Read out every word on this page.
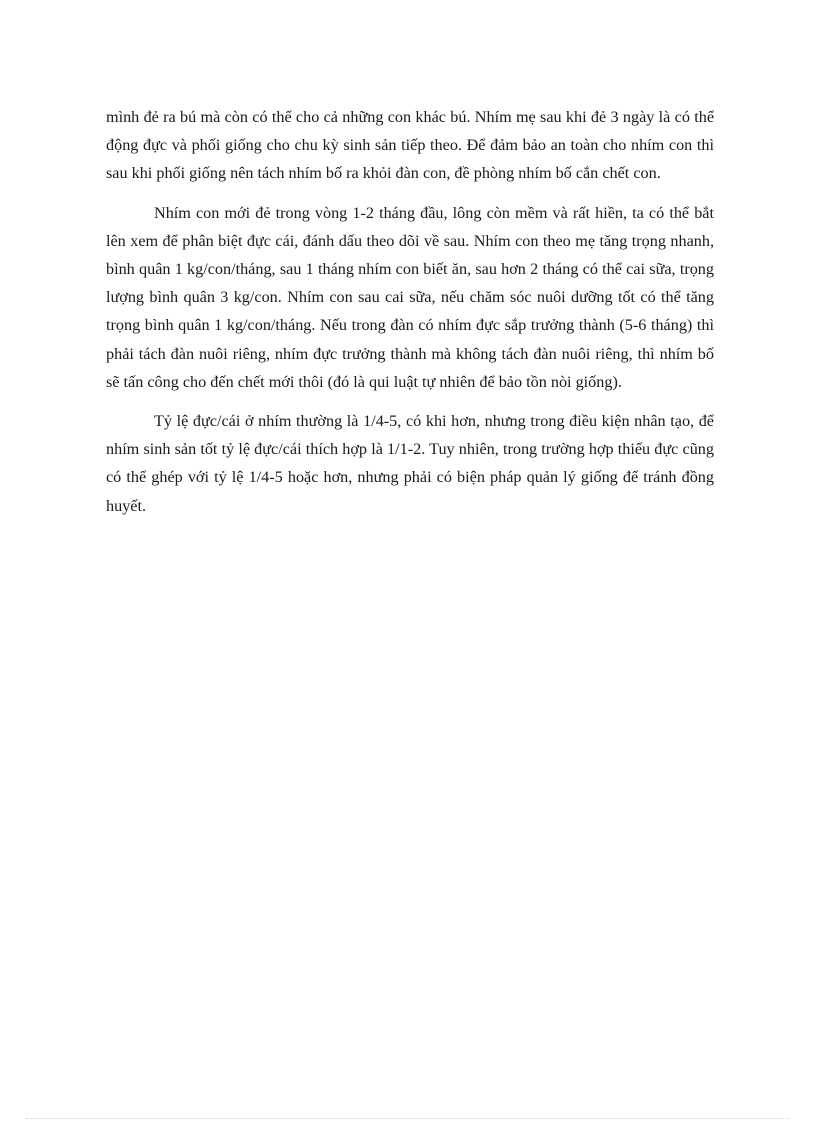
mình đẻ ra bú mà còn có thể cho cả những con khác bú. Nhím mẹ sau khi đẻ 3 ngày là có thể động đực và phối giống cho chu kỳ sinh sản tiếp theo. Để đảm bảo an toàn cho nhím con thì sau khi phối giống nên tách nhím bố ra khỏi đàn con, đề phòng nhím bố cắn chết con.

Nhím con mới đẻ trong vòng 1-2 tháng đầu, lông còn mềm và rất hiền, ta có thể bắt lên xem để phân biệt đực cái, đánh dấu theo dõi về sau. Nhím con theo mẹ tăng trọng nhanh, bình quân 1 kg/con/tháng, sau 1 tháng nhím con biết ăn, sau hơn 2 tháng có thể cai sữa, trọng lượng bình quân 3 kg/con. Nhím con sau cai sữa, nếu chăm sóc nuôi dưỡng tốt có thể tăng trọng bình quân 1 kg/con/tháng. Nếu trong đàn có nhím đực sắp trưởng thành (5-6 tháng) thì phải tách đàn nuôi riêng, nhím đực trưởng thành mà không tách đàn nuôi riêng, thì nhím bố sẽ tấn công cho đến chết mới thôi (đó là qui luật tự nhiên để bảo tồn nòi giống).

Tỷ lệ đực/cái ở nhím thường là 1/4-5, có khi hơn, nhưng trong điều kiện nhân tạo, để nhím sinh sản tốt tỷ lệ đực/cái thích hợp là 1/1-2. Tuy nhiên, trong trường hợp thiếu đực cũng có thể ghép với tỷ lệ 1/4-5 hoặc hơn, nhưng phải có biện pháp quản lý giống để tránh đồng huyết.
